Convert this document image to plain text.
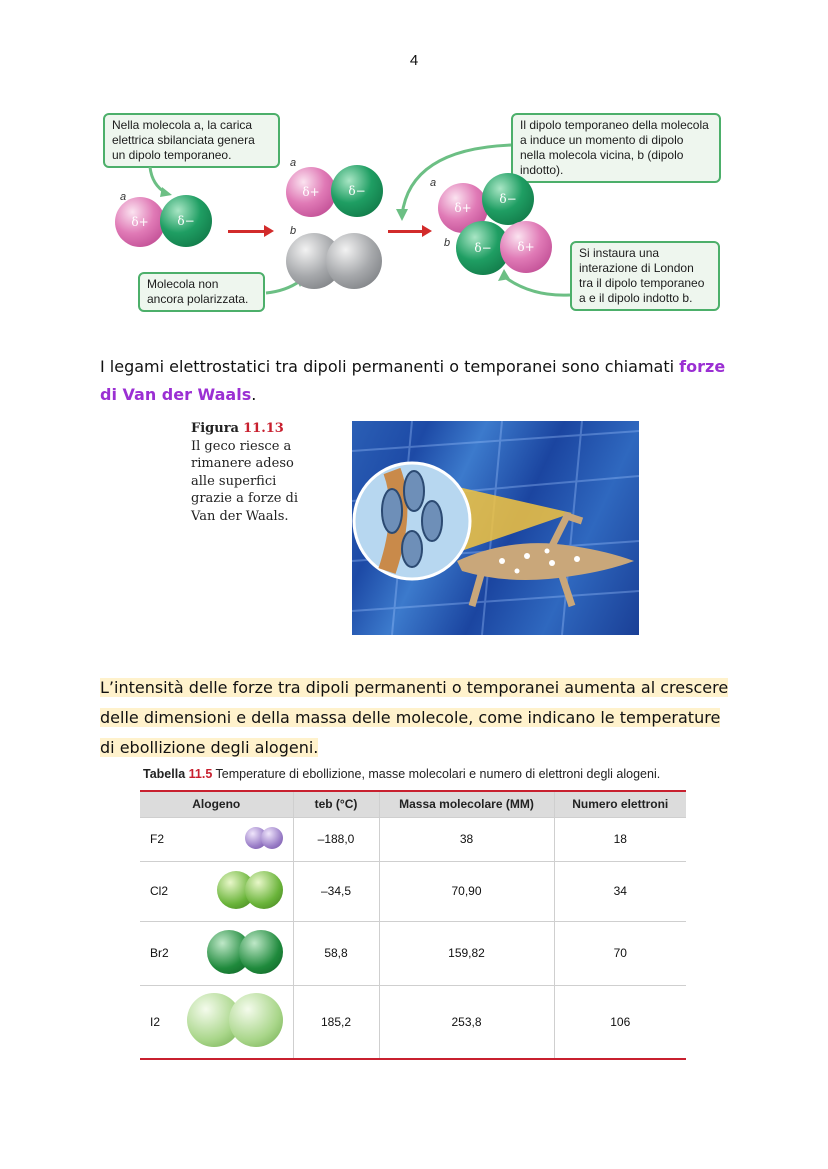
4
Nella molecola a, la carica elettrica sbilanciata genera un dipolo temporaneo.
Molecola non ancora polarizzata.
Il dipolo temporaneo della molecola a induce un momento di dipolo nella molecola vicina, b (dipolo indotto).
Si instaura una interazione di London tra il dipolo temporaneo a e il dipolo indotto b.
a
δ+ δ−
a
δ+ δ−
b
a
δ+
δ−
b δ− δ+
I legami elettrostatici tra dipoli permanenti o temporanei sono chiamati forze di Van der Waals.
Figura 11.13
Il geco riesce a rimanere adeso alle superfici grazie a forze di Van der Waals.
L’intensità delle forze tra dipoli permanenti o temporanei aumenta al crescere delle dimensioni e della massa delle molecole, come indicano le temperature di ebollizione degli alogeni.
Tabella 11.5 Temperature di ebollizione, masse molecolari e numero di elettroni degli alogeni.
Alogeno	teb (°C)	Massa molecolare (MM)	Numero elettroni

F2	–188,0	38	18

Cl2	–34,5	70,90	34

Br2	58,8	159,82	70

I2	185,2	253,8	106
